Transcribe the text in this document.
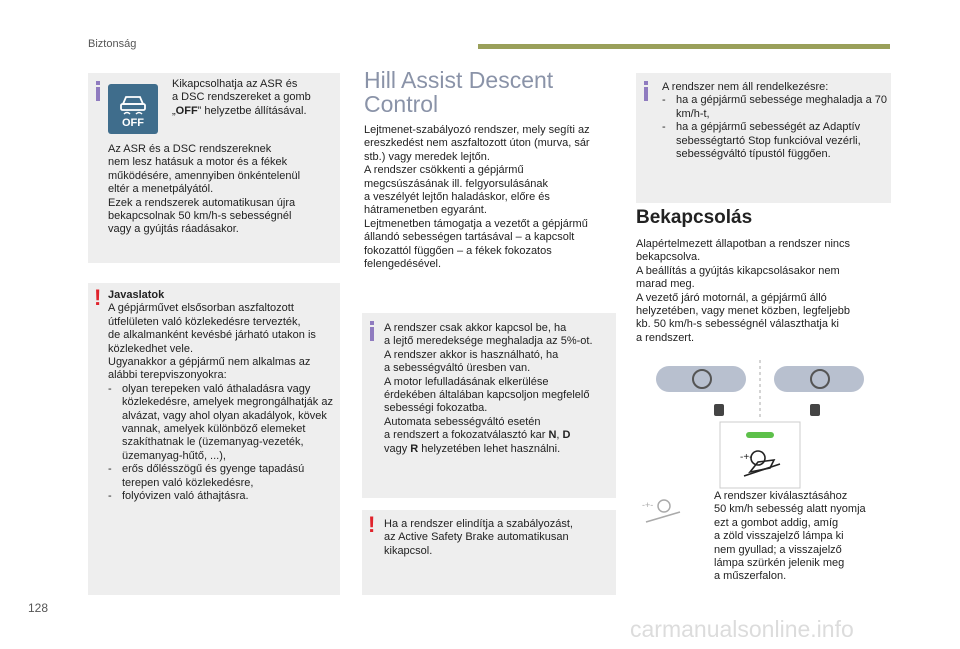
Biztonság
OFF

Kikapcsolhatja az ASR és

a DSC rendszereket a gomb

„OFF” helyzetbe állításával.

Az ASR és a DSC rendszereknek

nem lesz hatásuk a motor és a fékek

működésére, amennyiben önkéntelenül

eltér a menetpályától.

Ezek a rendszerek automatikusan újra

bekapcsolnak 50 km/h-s sebességnél

vagy a gyújtás ráadásakor.

! Javaslatok

A gépjárművet elsősorban aszfaltozott

útfelületen való közlekedésre tervezték,

de alkalmanként kevésbé járható utakon is

közlekedhet vele.

Ugyanakkor a gépjármű nem alkalmas az

alábbi terepviszonyokra:

- olyan terepeken való áthaladásra vagy közlekedésre, amelyek megrongálhatják az alvázat, vagy ahol olyan akadályok, kövek vannak, amelyek különböző elemeket szakíthatnak le (üzemanyag-vezeték, üzemanyag-hűtő, ...),
- erős dőlésszögű és gyenge tapadású terepen való közlekedésre,
- folyóvizen való áthajtásra.
Hill Assist Descent
Control

Lejtmenet-szabályozó rendszer, mely segíti az

ereszkedést nem aszfaltozott úton (murva, sár

stb.) vagy meredek lejtőn.

A rendszer csökkenti a gépjármű

megcsúszásának ill. felgyorsulásának

a veszélyét lejtőn haladáskor, előre és

hátramenetben egyaránt.

Lejtmenetben támogatja a vezetőt a gépjármű

állandó sebességen tartásával – a kapcsolt

fokozattól függően – a fékek fokozatos

felengedésével.

A rendszer csak akkor kapcsol be, ha

a lejtő meredeksége meghaladja az 5%-ot.

A rendszer akkor is használható, ha

a sebességváltó üresben van.

A motor lefulladásának elkerülése

érdekében általában kapcsoljon megfelelő

sebességi fokozatba.

Automata sebességváltó esetén

a rendszert a fokozatválasztó kar N, D

vagy R helyzetében lehet használni.

! Ha a rendszer elindítja a szabályozást,

az Active Safety Brake automatikusan

kikapcsol.

A rendszer nem áll rendelkezésre:

- ha a gépjármű sebessége meghaladja a 70 km/h-t,
- ha a gépjármű sebességét az Adaptív sebességtartó Stop funkcióval vezérli, sebességváltó típustól függően.
Bekapcsolás

Alapértelmezett állapotban a rendszer nincs

bekapcsolva.

A beállítás a gyújtás kikapcsolásakor nem

marad meg.

A vezető járó motornál, a gépjármű álló

helyzetében, vagy menet közben, legfeljebb

kb. 50 km/h-s sebességnél választhatja ki

a rendszert.

-+-
-+-

A rendszer kiválasztásához

50 km/h sebesség alatt nyomja

ezt a gombot addig, amíg

a zöld visszajelző lámpa ki

nem gyullad; a visszajelző

lámpa szürkén jelenik meg

a műszerfalon.

128
carmanualsonline.info
